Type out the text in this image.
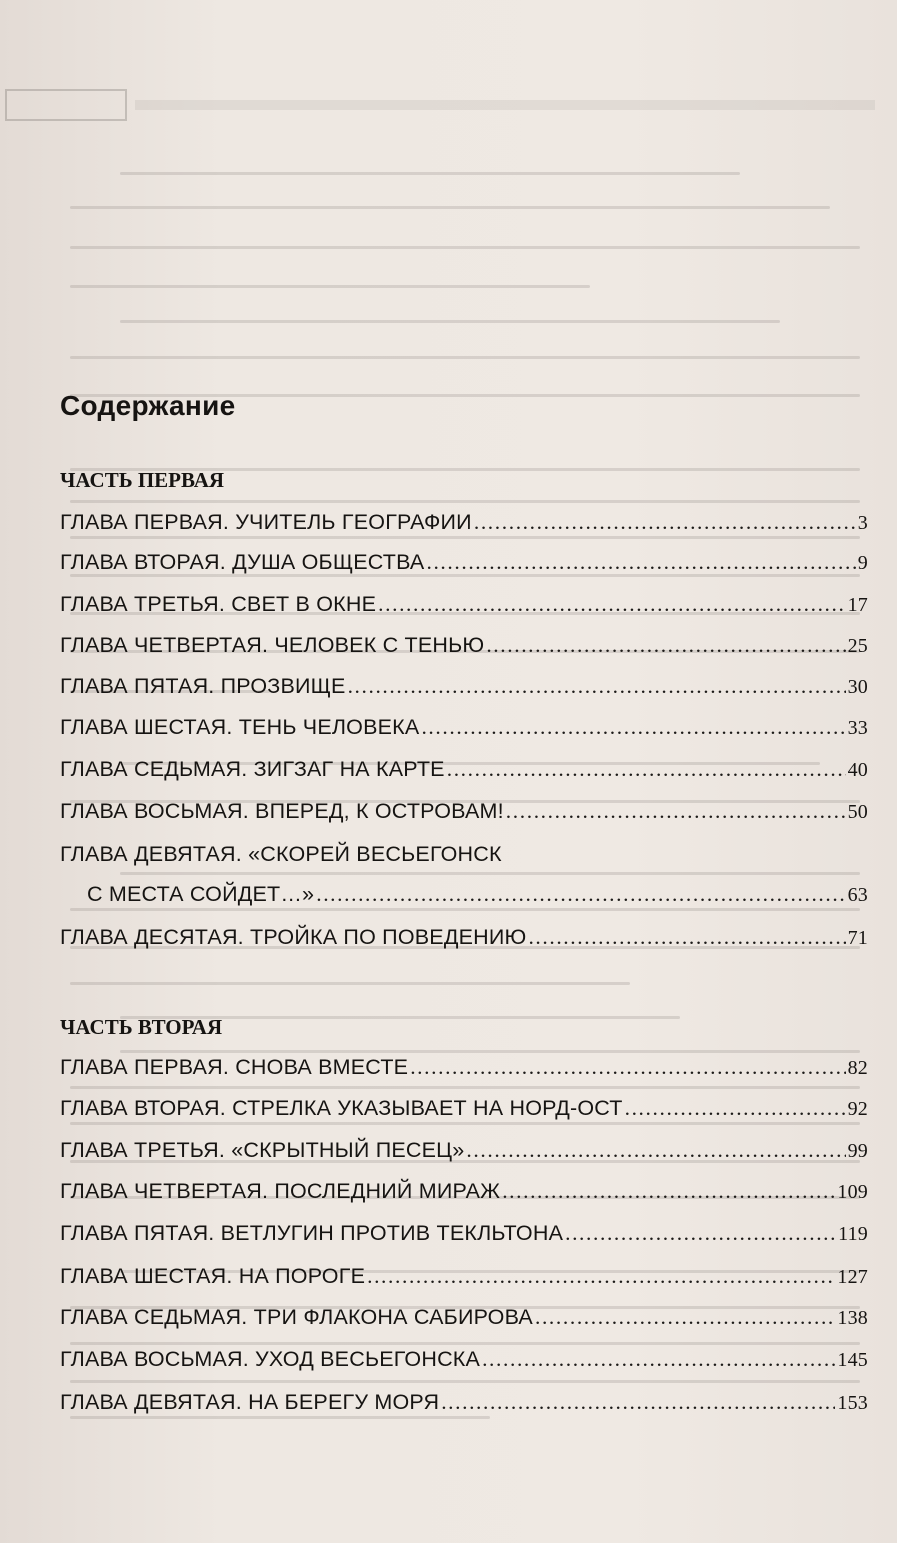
Содержание
ЧАСТЬ ПЕРВАЯ
ГЛАВА ПЕРВАЯ. УЧИТЕЛЬ ГЕОГРАФИИ .....	3
ГЛАВА ВТОРАЯ. ДУША ОБЩЕСТВА .....	9
ГЛАВА ТРЕТЬЯ. СВЕТ В ОКНЕ .....	17
ГЛАВА ЧЕТВЕРТАЯ. ЧЕЛОВЕК С ТЕНЬЮ .....	25
ГЛАВА ПЯТАЯ. ПРОЗВИЩЕ .....	30
ГЛАВА ШЕСТАЯ. ТЕНЬ ЧЕЛОВЕКА .....	33
ГЛАВА СЕДЬМАЯ. ЗИГЗАГ НА КАРТЕ .....	40
ГЛАВА ВОСЬМАЯ. ВПЕРЕД, К ОСТРОВАМ! .....	50
ГЛАВА ДЕВЯТАЯ. «СКОРЕЙ ВЕСЬЕГОНСК
С МЕСТА СОЙДЕТ…» .....	63
ГЛАВА ДЕСЯТАЯ. ТРОЙКА ПО ПОВЕДЕНИЮ .....	71
ЧАСТЬ ВТОРАЯ
ГЛАВА ПЕРВАЯ. СНОВА ВМЕСТЕ .....	82
ГЛАВА ВТОРАЯ. СТРЕЛКА УКАЗЫВАЕТ НА НОРД-ОСТ .....	92
ГЛАВА ТРЕТЬЯ. «СКРЫТНЫЙ ПЕСЕЦ» .....	99
ГЛАВА ЧЕТВЕРТАЯ. ПОСЛЕДНИЙ МИРАЖ .....	109
ГЛАВА ПЯТАЯ. ВЕТЛУГИН ПРОТИВ ТЕКЛЬТОНА .....	119
ГЛАВА ШЕСТАЯ. НА ПОРОГЕ .....	127
ГЛАВА СЕДЬМАЯ. ТРИ ФЛАКОНА САБИРОВА .....	138
ГЛАВА ВОСЬМАЯ. УХОД ВЕСЬЕГОНСКА .....	145
ГЛАВА ДЕВЯТАЯ. НА БЕРЕГУ МОРЯ .....	153
